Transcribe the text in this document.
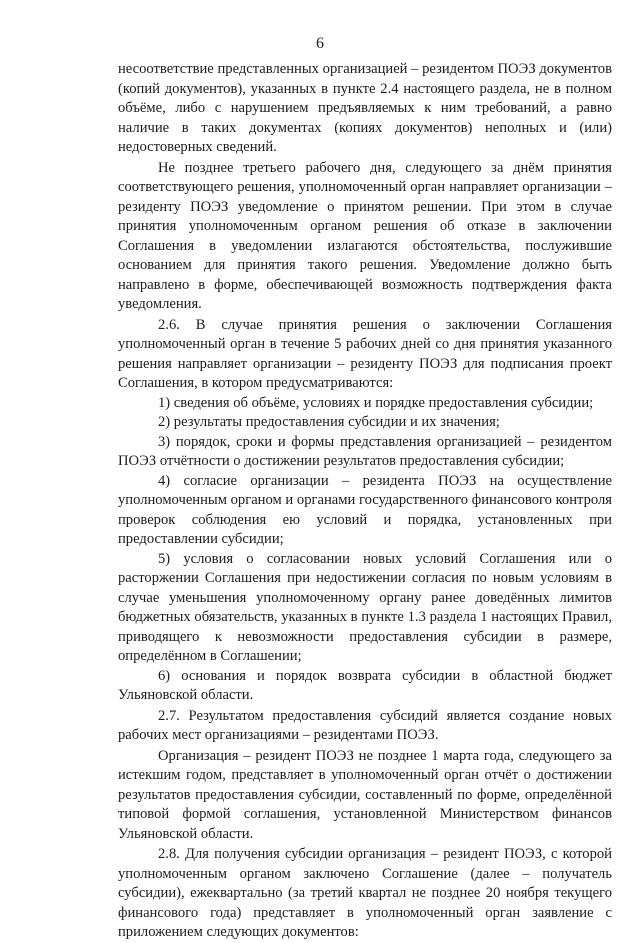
6

несоответствие представленных организацией – резидентом ПОЭЗ документов (копий документов), указанных в пункте 2.4 настоящего раздела, не в полном объёме, либо с нарушением предъявляемых к ним требований, а равно наличие в таких документах (копиях документов) неполных и (или) недостоверных сведений.

Не позднее третьего рабочего дня, следующего за днём принятия соответствующего решения, уполномоченный орган направляет организации – резиденту ПОЭЗ уведомление о принятом решении. При этом в случае принятия уполномоченным органом решения об отказе в заключении Соглашения в уведомлении излагаются обстоятельства, послужившие основанием для принятия такого решения. Уведомление должно быть направлено в форме, обеспечивающей возможность подтверждения факта уведомления.

2.6. В случае принятия решения о заключении Соглашения уполномоченный орган в течение 5 рабочих дней со дня принятия указанного решения направляет организации – резиденту ПОЭЗ для подписания проект Соглашения, в котором предусматриваются:

1) сведения об объёме, условиях и порядке предоставления субсидии;

2) результаты предоставления субсидии и их значения;

3) порядок, сроки и формы представления организацией – резидентом ПОЭЗ отчётности о достижении результатов предоставления субсидии;

4) согласие организации – резидента ПОЭЗ на осуществление уполномоченным органом и органами государственного финансового контроля проверок соблюдения ею условий и порядка, установленных при предоставлении субсидии;

5) условия о согласовании новых условий Соглашения или о расторжении Соглашения при недостижении согласия по новым условиям в случае уменьшения уполномоченному органу ранее доведённых лимитов бюджетных обязательств, указанных в пункте 1.3 раздела 1 настоящих Правил, приводящего к невозможности предоставления субсидии в размере, определённом в Соглашении;

6) основания и порядок возврата субсидии в областной бюджет Ульяновской области.

2.7. Результатом предоставления субсидий является создание новых рабочих мест организациями – резидентами ПОЭЗ.

Организация – резидент ПОЭЗ не позднее 1 марта года, следующего за истекшим годом, представляет в уполномоченный орган отчёт о достижении результатов предоставления субсидии, составленный по форме, определённой типовой формой соглашения, установленной Министерством финансов Ульяновской области.

2.8. Для получения субсидии организация – резидент ПОЭЗ, с которой уполномоченным органом заключено Соглашение (далее – получатель субсидии), ежеквартально (за третий квартал не позднее 20 ноября текущего финансового года) представляет в уполномоченный орган заявление с приложением следующих документов:
